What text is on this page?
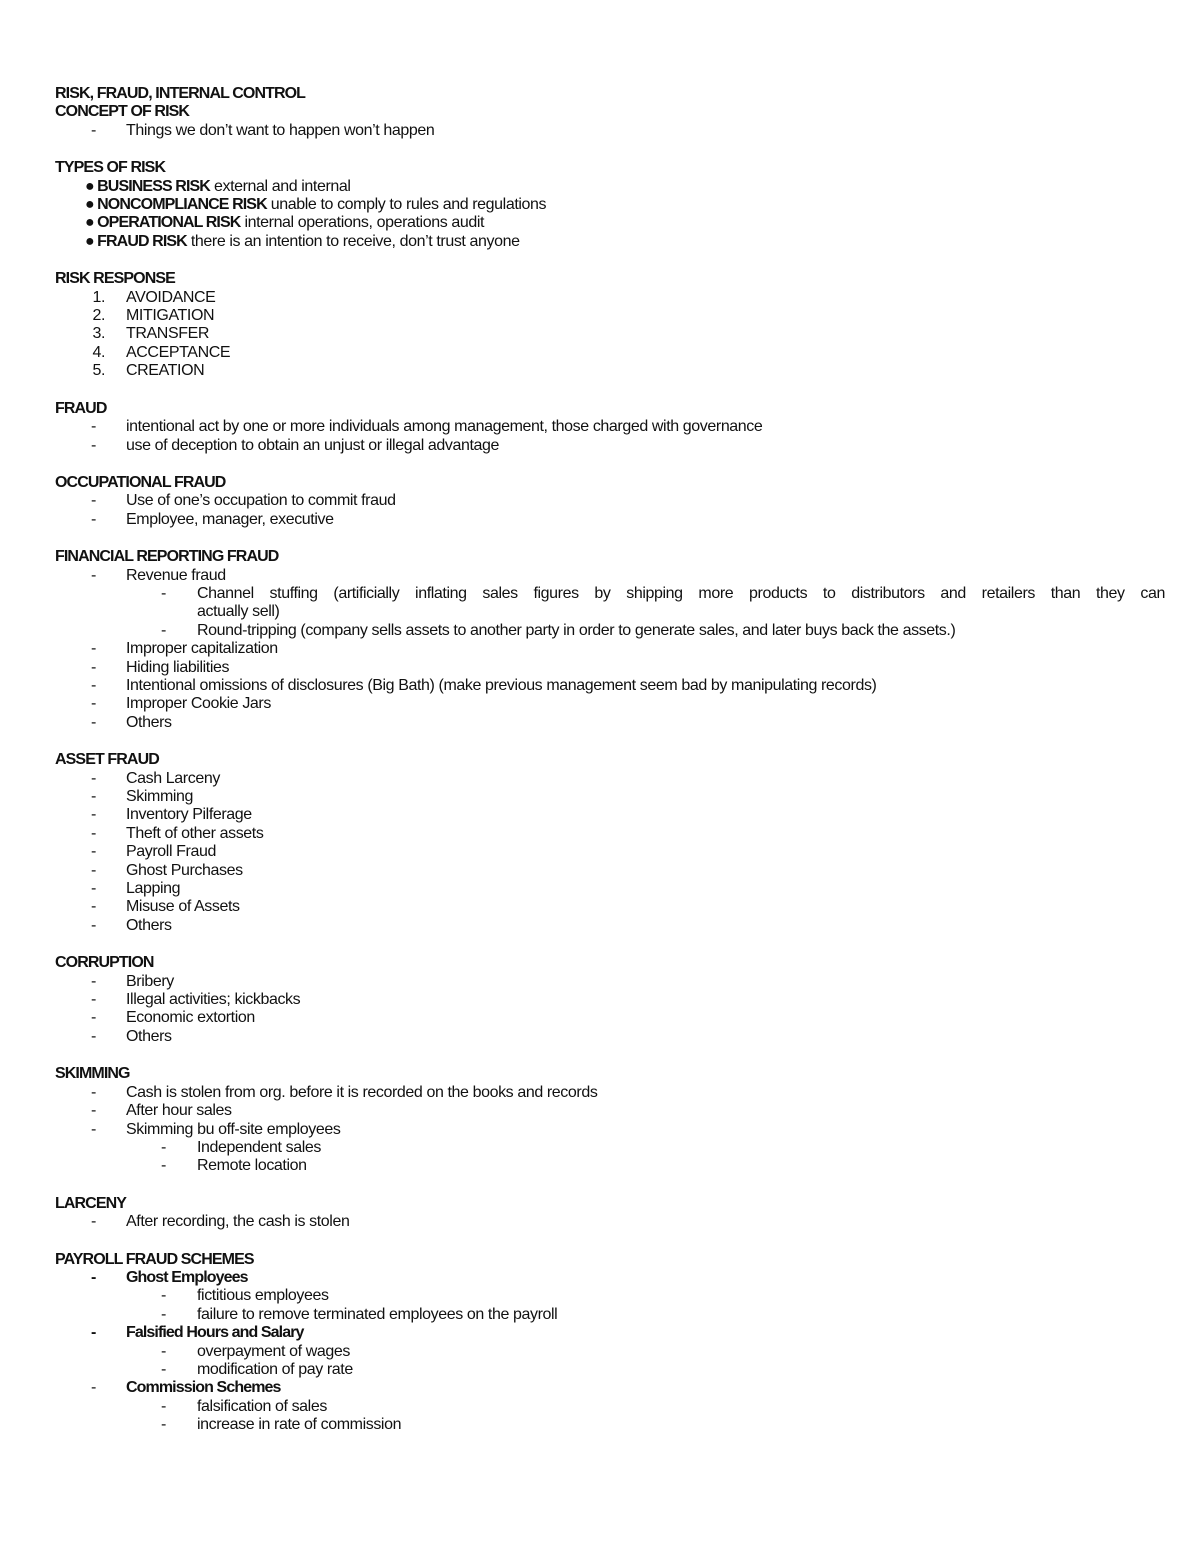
RISK, FRAUD, INTERNAL CONTROL
CONCEPT OF RISK
- Things we don’t want to happen won’t happen
TYPES OF RISK
● BUSINESS RISK external and internal
● NONCOMPLIANCE RISK unable to comply to rules and regulations
● OPERATIONAL RISK internal operations, operations audit
● FRAUD RISK there is an intention to receive, don’t trust anyone
RISK RESPONSE
1. AVOIDANCE
2. MITIGATION
3. TRANSFER
4. ACCEPTANCE
5. CREATION
FRAUD
- intentional act by one or more individuals among management, those charged with governance
- use of deception to obtain an unjust or illegal advantage
OCCUPATIONAL FRAUD
- Use of one’s occupation to commit fraud
- Employee, manager, executive
FINANCIAL REPORTING FRAUD
- Revenue fraud
- Channel stuffing (artificially inflating sales figures by shipping more products to distributors and retailers than they can
actually sell)
- Round-tripping (company sells assets to another party in order to generate sales, and later buys back the assets.)
- Improper capitalization
- Hiding liabilities
- Intentional omissions of disclosures (Big Bath) (make previous management seem bad by manipulating records)
- Improper Cookie Jars
- Others
ASSET FRAUD
- Cash Larceny
- Skimming
- Inventory Pilferage
- Theft of other assets
- Payroll Fraud
- Ghost Purchases
- Lapping
- Misuse of Assets
- Others
CORRUPTION
- Bribery
- Illegal activities; kickbacks
- Economic extortion
- Others
SKIMMING
- Cash is stolen from org. before it is recorded on the books and records
- After hour sales
- Skimming bu off-site employees
- Independent sales
- Remote location
LARCENY
- After recording, the cash is stolen
PAYROLL FRAUD SCHEMES
- Ghost Employees
- fictitious employees
- failure to remove terminated employees on the payroll
- Falsified Hours and Salary
- overpayment of wages
- modification of pay rate
- Commission Schemes
- falsification of sales
- increase in rate of commission
